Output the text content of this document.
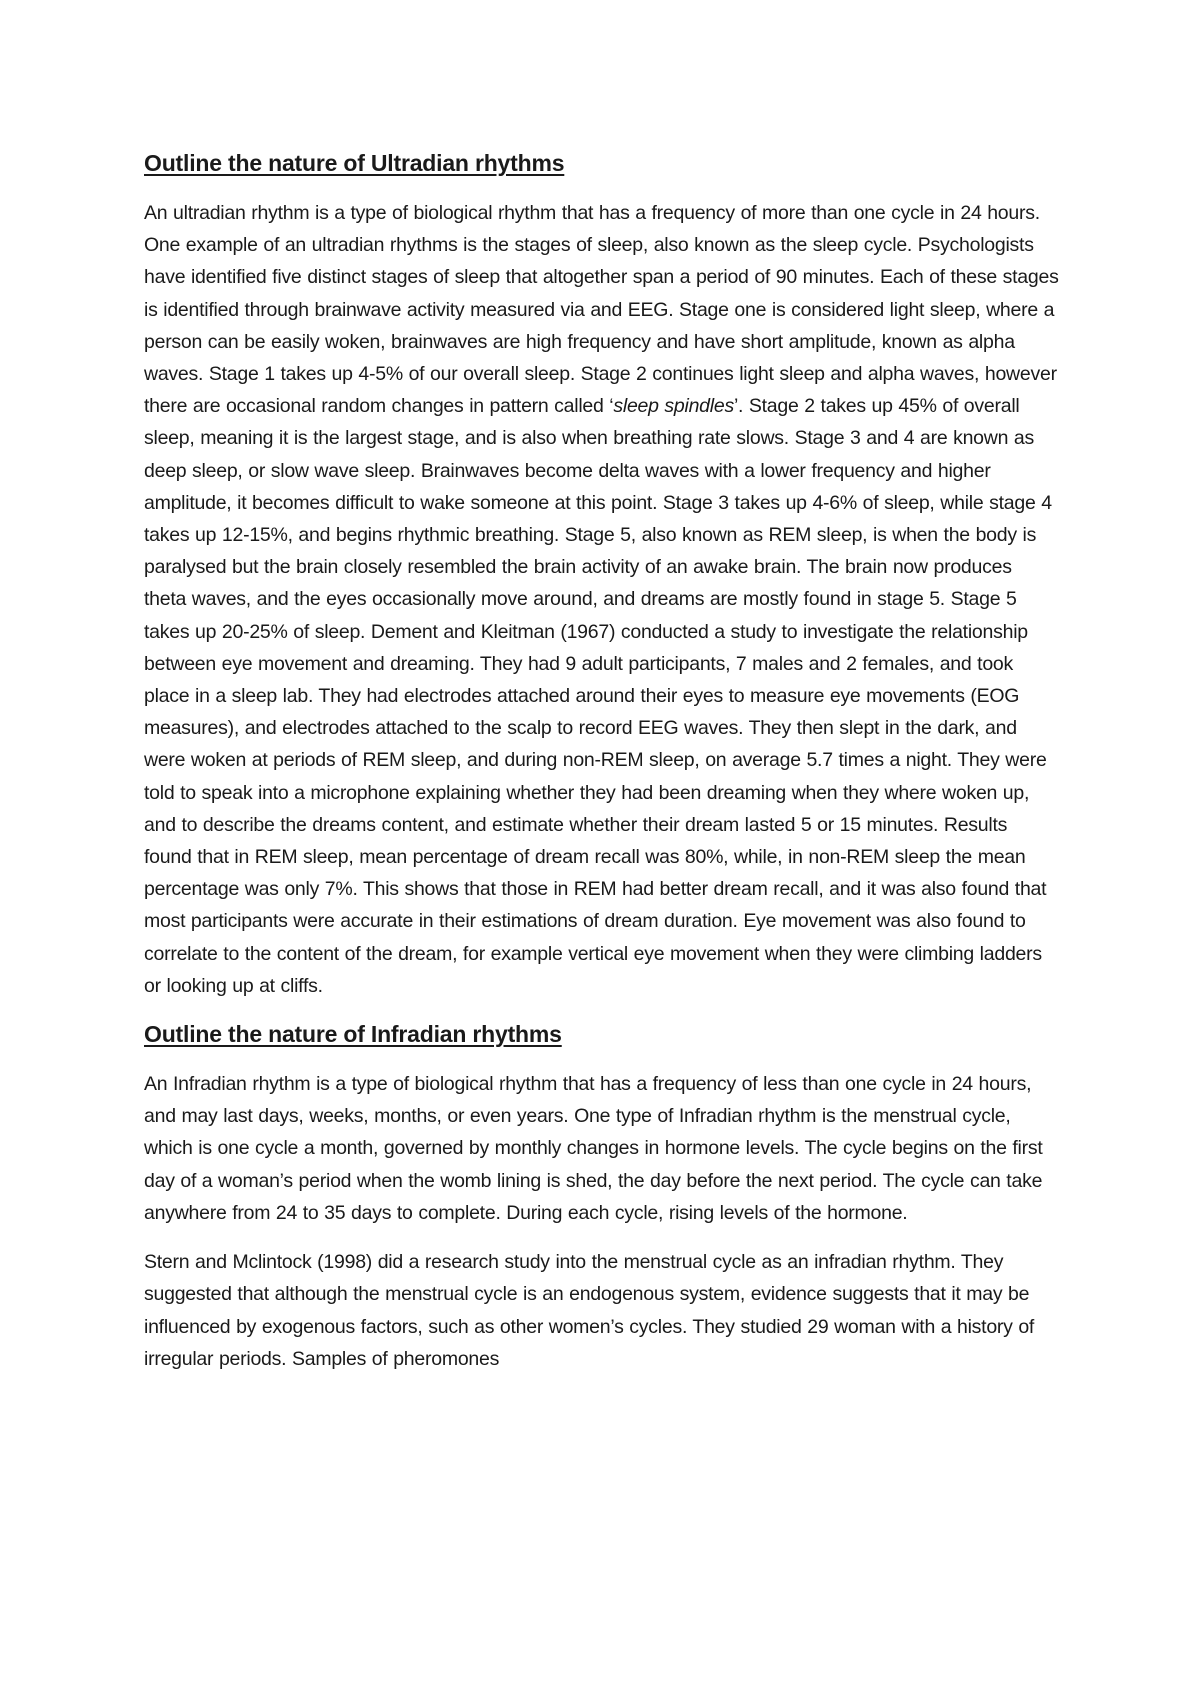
Outline the nature of Ultradian rhythms

An ultradian rhythm is a type of biological rhythm that has a frequency of more than one cycle in 24 hours. One example of an ultradian rhythms is the stages of sleep, also known as the sleep cycle. Psychologists have identified five distinct stages of sleep that altogether span a period of 90 minutes. Each of these stages is identified through brainwave activity measured via and EEG. Stage one is considered light sleep, where a person can be easily woken, brainwaves are high frequency and have short amplitude, known as alpha waves. Stage 1 takes up 4-5% of our overall sleep. Stage 2 continues light sleep and alpha waves, however there are occasional random changes in pattern called ‘sleep spindles’. Stage 2 takes up 45% of overall sleep, meaning it is the largest stage, and is also when breathing rate slows. Stage 3 and 4 are known as deep sleep, or slow wave sleep. Brainwaves become delta waves with a lower frequency and higher amplitude, it becomes difficult to wake someone at this point. Stage 3 takes up 4-6% of sleep, while stage 4 takes up 12-15%, and begins rhythmic breathing. Stage 5, also known as REM sleep, is when the body is paralysed but the brain closely resembled the brain activity of an awake brain. The brain now produces theta waves, and the eyes occasionally move around, and dreams are mostly found in stage 5. Stage 5 takes up 20-25% of sleep. Dement and Kleitman (1967) conducted a study to investigate the relationship between eye movement and dreaming. They had 9 adult participants, 7 males and 2 females, and took place in a sleep lab. They had electrodes attached around their eyes to measure eye movements (EOG measures), and electrodes attached to the scalp to record EEG waves. They then slept in the dark, and were woken at periods of REM sleep, and during non-REM sleep, on average 5.7 times a night. They were told to speak into a microphone explaining whether they had been dreaming when they where woken up, and to describe the dreams content, and estimate whether their dream lasted 5 or 15 minutes. Results found that in REM sleep, mean percentage of dream recall was 80%, while, in non-REM sleep the mean percentage was only 7%. This shows that those in REM had better dream recall, and it was also found that most participants were accurate in their estimations of dream duration. Eye movement was also found to correlate to the content of the dream, for example vertical eye movement when they were climbing ladders or looking up at cliffs.

Outline the nature of Infradian rhythms

An Infradian rhythm is a type of biological rhythm that has a frequency of less than one cycle in 24 hours, and may last days, weeks, months, or even years. One type of Infradian rhythm is the menstrual cycle, which is one cycle a month, governed by monthly changes in hormone levels. The cycle begins on the first day of a woman’s period when the womb lining is shed, the day before the next period. The cycle can take anywhere from 24 to 35 days to complete. During each cycle, rising levels of the hormone.

Stern and Mclintock (1998) did a research study into the menstrual cycle as an infradian rhythm. They suggested that although the menstrual cycle is an endogenous system, evidence suggests that it may be influenced by exogenous factors, such as other women’s cycles. They studied 29 woman with a history of irregular periods. Samples of pheromones
